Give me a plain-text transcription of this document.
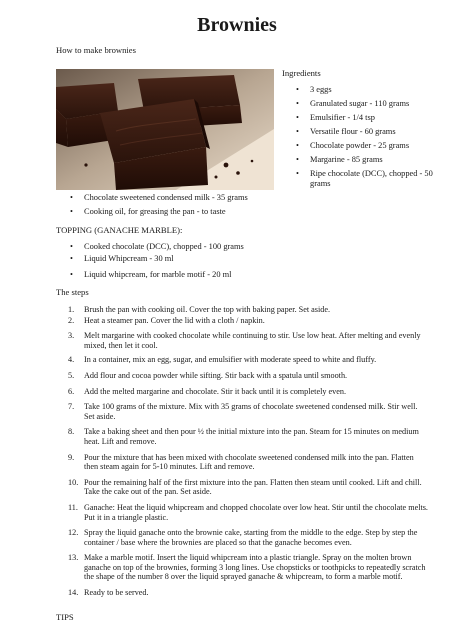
Brownies
How to make brownies
Ingredients
• 3 eggs
• Granulated sugar - 110 grams
• Emulsifier - 1/4 tsp
• Versatile flour - 60 grams
• Chocolate powder - 25 grams
• Margarine - 85 grams
• Ripe chocolate (DCC), chopped - 50 grams
• Chocolate sweetened condensed milk - 35 grams
• Cooking oil, for greasing the pan - to taste
TOPPING (GANACHE MARBLE):
• Cooked chocolate (DCC), chopped - 100 grams
• Liquid Whipcream - 30 ml
• Liquid whipcream, for marble motif - 20 ml
The steps
1. Brush the pan with cooking oil. Cover the top with baking paper. Set aside.
2. Heat a steamer pan. Cover the lid with a cloth / napkin.
3. Melt margarine with cooked chocolate while continuing to stir. Use low heat. After melting and evenly mixed, then let it cool.
4. In a container, mix an egg, sugar, and emulsifier with moderate speed to white and fluffy.
5. Add flour and cocoa powder while sifting. Stir back with a spatula until smooth.
6. Add the melted margarine and chocolate. Stir it back until it is completely even.
7. Take 100 grams of the mixture. Mix with 35 grams of chocolate sweetened condensed milk. Stir well. Set aside.
8. Take a baking sheet and then pour ½ the initial mixture into the pan. Steam for 15 minutes on medium heat. Lift and remove.
9. Pour the mixture that has been mixed with chocolate sweetened condensed milk into the pan. Flatten then steam again for 5-10 minutes. Lift and remove.
10. Pour the remaining half of the first mixture into the pan. Flatten then steam until cooked. Lift and chill. Take the cake out of the pan. Set aside.
11. Ganache: Heat the liquid whipcream and chopped chocolate over low heat. Stir until the chocolate melts. Put it in a triangle plastic.
12. Spray the liquid ganache onto the brownie cake, starting from the middle to the edge. Step by step the container / base where the brownies are placed so that the ganache becomes even.
13. Make a marble motif. Insert the liquid whipcream into a plastic triangle. Spray on the molten brown ganache on top of the brownies, forming 3 long lines. Use chopsticks or toothpicks to repeatedly scratch the shape of the number 8 over the liquid sprayed ganache & whipcream, to form a marble motif.
14. Ready to be served.
TIPS
